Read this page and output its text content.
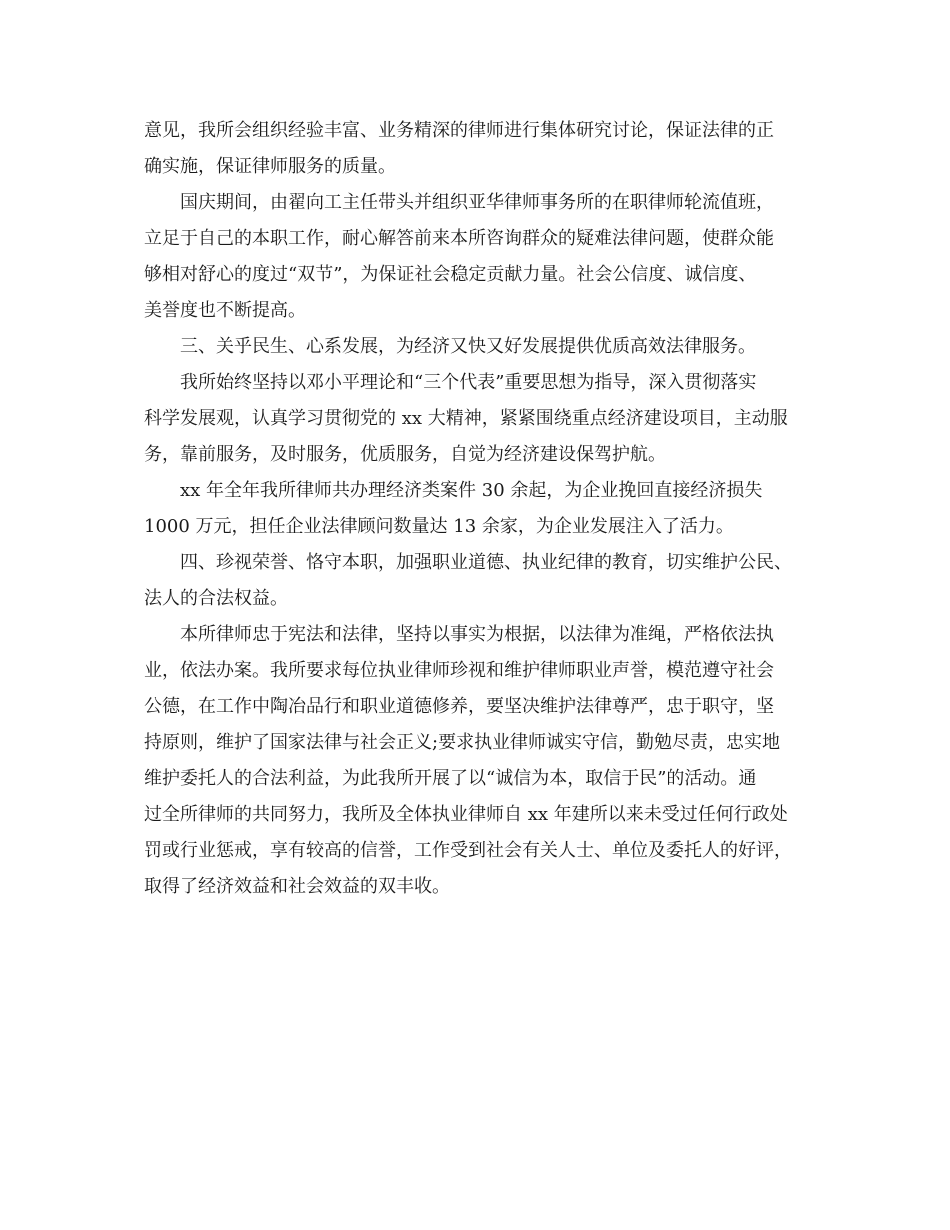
意见，我所会组织经验丰富、业务精深的律师进行集体研究讨论，保证法律的正
确实施，保证律师服务的质量。
　　国庆期间，由翟向工主任带头并组织亚华律师事务所的在职律师轮流值班，
立足于自己的本职工作，耐心解答前来本所咨询群众的疑难法律问题，使群众能
够相对舒心的度过“双节”，为保证社会稳定贡献力量。社会公信度、诚信度、
美誉度也不断提高。
　　三、关乎民生、心系发展，为经济又快又好发展提供优质高效法律服务。
　　我所始终坚持以邓小平理论和“三个代表”重要思想为指导，深入贯彻落实
科学发展观，认真学习贯彻党的 xx 大精神，紧紧围绕重点经济建设项目，主动服
务，靠前服务，及时服务，优质服务，自觉为经济建设保驾护航。
　　xx 年全年我所律师共办理经济类案件 30 余起，为企业挽回直接经济损失
1000 万元，担任企业法律顾问数量达 13 余家，为企业发展注入了活力。
　　四、珍视荣誉、恪守本职，加强职业道德、执业纪律的教育，切实维护公民、
法人的合法权益。
　　本所律师忠于宪法和法律，坚持以事实为根据，以法律为准绳，严格依法执
业，依法办案。我所要求每位执业律师珍视和维护律师职业声誉，模范遵守社会
公德，在工作中陶冶品行和职业道德修养，要坚决维护法律尊严，忠于职守，坚
持原则，维护了国家法律与社会正义;要求执业律师诚实守信，勤勉尽责，忠实地
维护委托人的合法利益，为此我所开展了以“诚信为本，取信于民”的活动。通
过全所律师的共同努力，我所及全体执业律师自 xx 年建所以来未受过任何行政处
罚或行业惩戒，享有较高的信誉，工作受到社会有关人士、单位及委托人的好评，
取得了经济效益和社会效益的双丰收。
